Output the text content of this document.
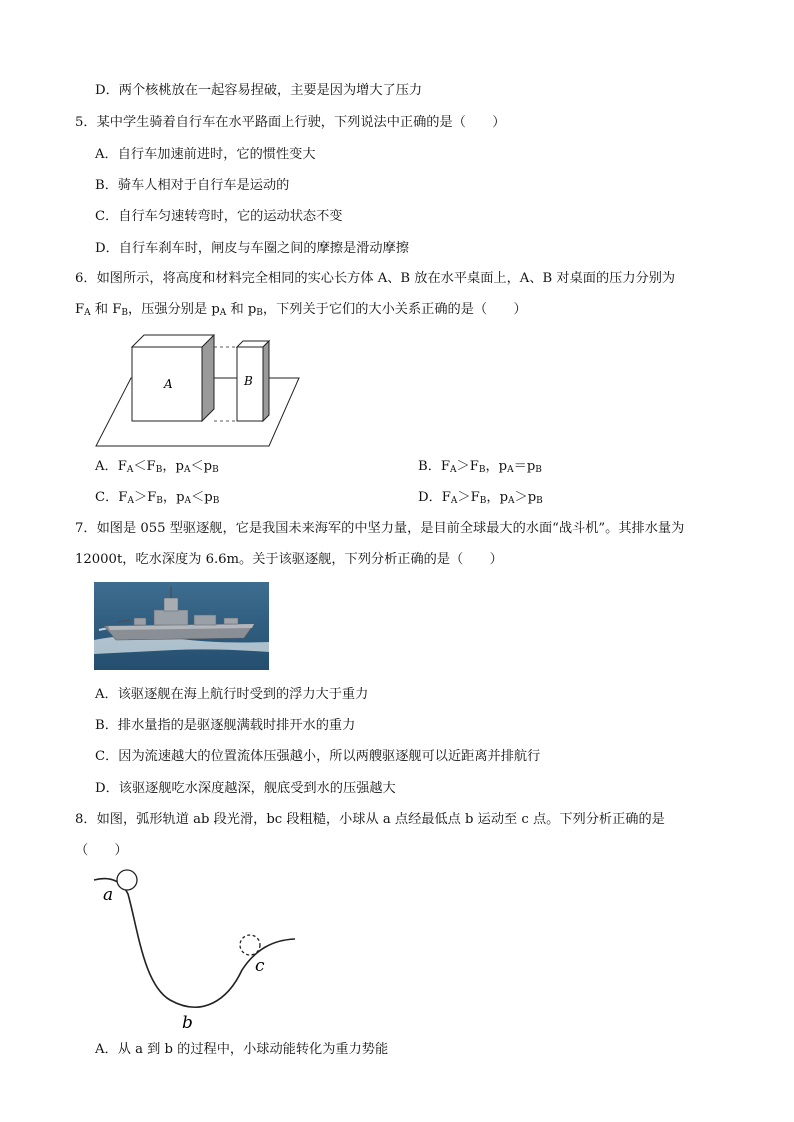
D．两个核桃放在一起容易捏破，主要是因为增大了压力
5．某中学生骑着自行车在水平路面上行驶，下列说法中正确的是（　　）
A．自行车加速前进时，它的惯性变大
B．骑车人相对于自行车是运动的
C．自行车匀速转弯时，它的运动状态不变
D．自行车刹车时，闸皮与车圈之间的摩擦是滑动摩擦
6．如图所示，将高度和材料完全相同的实心长方体 A、B 放在水平桌面上，A、B 对桌面的压力分别为
$F_A$ 和 $F_B$，压强分别是 $p_A$ 和 $p_B$，下列关于它们的大小关系正确的是（　　）
A	B
A．$F_A<F_B$，$p_A<p_B$	B．$F_A>F_B$，$p_A=p_B$
C．$F_A>F_B$，$p_A<p_B$	D．$F_A>F_B$，$p_A>p_B$
7．如图是 055 型驱逐舰，它是我国未来海军的中坚力量，是目前全球最大的水面“战斗机”。其排水量为
12000t，吃水深度为 6.6m。关于该驱逐舰，下列分析正确的是（　　）
A．该驱逐舰在海上航行时受到的浮力大于重力
B．排水量指的是驱逐舰满载时排开水的重力
C．因为流速越大的位置流体压强越小，所以两艘驱逐舰可以近距离并排航行
D．该驱逐舰吃水深度越深，舰底受到水的压强越大
8．如图，弧形轨道 ab 段光滑，bc 段粗糙，小球从 a 点经最低点 b 运动至 c 点。下列分析正确的是
（　　）
a
b
c
A．从 a 到 b 的过程中，小球动能转化为重力势能
